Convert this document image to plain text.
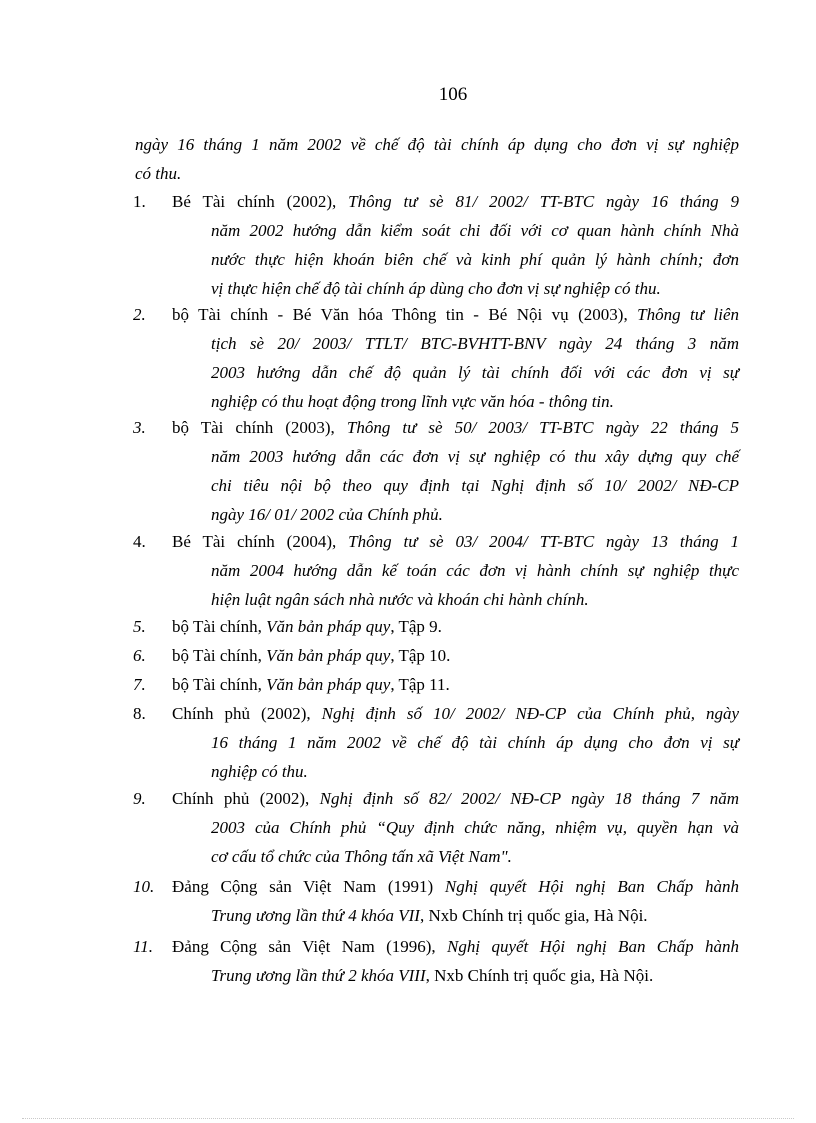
106
ngày 16 tháng 1 năm 2002 về chế độ tài chính áp dụng cho đơn vị sự nghiệp
có thu.
1. Bé Tài chính (2002), Thông tư sè 81/ 2002/ TT-BTC ngày 16 tháng 9
năm 2002 hướng dẫn kiểm soát chi đối với cơ quan hành chính Nhà
nước thực hiện khoán biên chế và kinh phí quản lý hành chính; đơn
vị thực hiện chế độ tài chính áp dùng cho đơn vị sự nghiệp có thu.
2. bộ Tài chính - Bé Văn hóa Thông tin - Bé Nội vụ (2003), Thông tư liên
tịch sè 20/ 2003/ TTLT/ BTC-BVHTT-BNV ngày 24 tháng 3 năm
2003 hướng dẫn chế độ quản lý tài chính đối với các đơn vị sự
nghiệp có thu hoạt động trong lĩnh vực văn hóa - thông tin.
3. bộ Tài chính (2003), Thông tư sè 50/ 2003/ TT-BTC ngày 22 tháng 5
năm 2003 hướng dẫn các đơn vị sự nghiệp có thu xây dựng quy chế
chi tiêu nội bộ theo quy định tại Nghị định số 10/ 2002/ NĐ-CP
ngày 16/ 01/ 2002 của Chính phủ.
4. Bé Tài chính (2004), Thông tư sè 03/ 2004/ TT-BTC ngày 13 tháng 1
năm 2004 hướng dẫn kế toán các đơn vị hành chính sự nghiệp thực
hiện luật ngân sách nhà nước và khoán chi hành chính.
5. bộ Tài chính, Văn bản pháp quy, Tập 9.
6. bộ Tài chính, Văn bản pháp quy, Tập 10.
7. bộ Tài chính, Văn bản pháp quy, Tập 11.
8. Chính phủ (2002), Nghị định số 10/ 2002/ NĐ-CP của Chính phủ, ngày
16 tháng 1 năm 2002 về chế độ tài chính áp dụng cho đơn vị sự
nghiệp có thu.
9. Chính phủ (2002), Nghị định số 82/ 2002/ NĐ-CP ngày 18 tháng 7 năm
2003 của Chính phủ “Quy định chức năng, nhiệm vụ, quyền hạn và
cơ cấu tổ chức của Thông tấn xã Việt Nam".
10. Đảng Cộng sản Việt Nam (1991) Nghị quyết Hội nghị Ban Chấp hành
Trung ương lần thứ 4 khóa VII, Nxb Chính trị quốc gia, Hà Nội.
11. Đảng Cộng sản Việt Nam (1996), Nghị quyết Hội nghị Ban Chấp hành
Trung ương lần thứ 2 khóa VIII, Nxb Chính trị quốc gia, Hà Nội.
